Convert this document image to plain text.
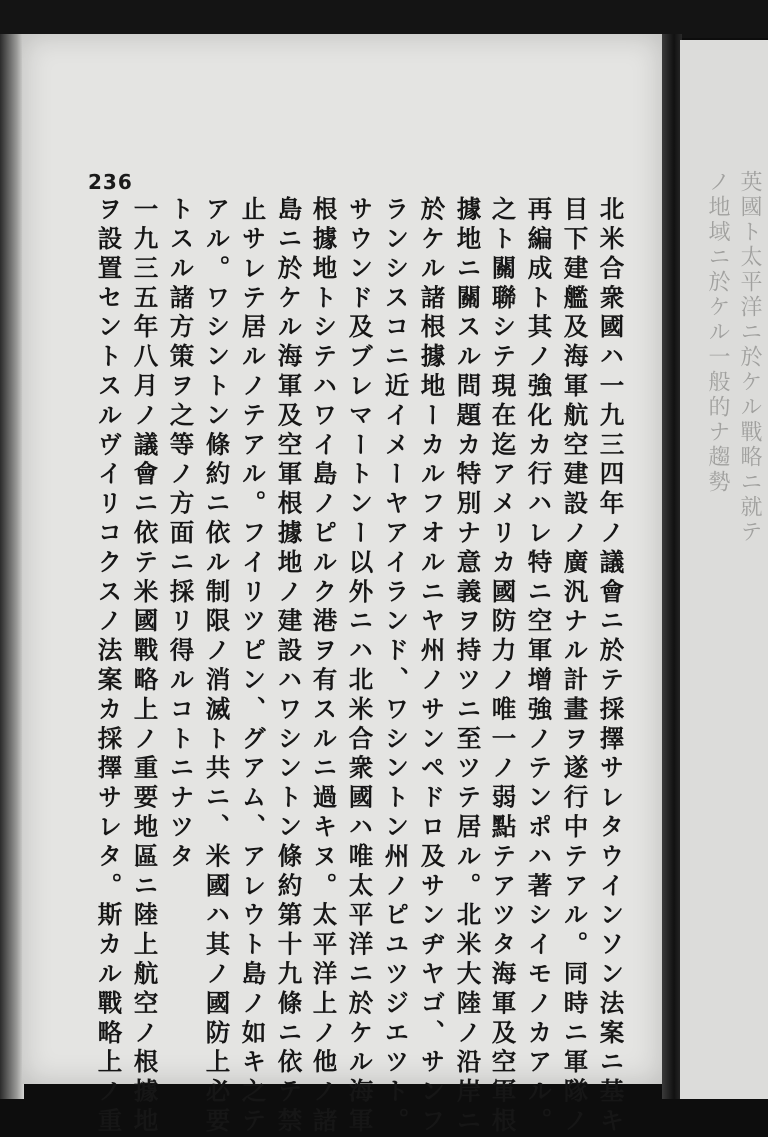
236
北米合衆國ハ一九三四年ノ議會ニ於テ採擇サレタウインソン法案ニ基キ
目下建艦及海軍航空建設ノ廣汎ナル計畫ヲ遂行中テアル。同時ニ軍隊ノ
再編成ト其ノ強化カ行ハレ特ニ空軍增強ノテンポハ著シイモノカアル。
之ト關聯シテ現在迄アメリカ國防力ノ唯一ノ弱點テアツタ海軍及空軍根
據地ニ關スル問題カ特別ナ意義ヲ持ツニ至ツテ居ル。北米大陸ノ沿岸ニ
於ケル諸根據地ーカルフオルニヤ州ノサンペドロ及サンヂヤゴ、サンフ
ランシスコニ近イメーヤアイランド、ワシントン州ノピユツジエツト。
サウンド及ブレマートンー以外ニハ北米合衆國ハ唯太平洋ニ於ケル海軍
根據地トシテハワイ島ノピルク港ヲ有スルニ過キヌ。太平洋上ノ他ノ諸
島ニ於ケル海軍及空軍根據地ノ建設ハワシントン條約第十九條ニ依テ禁
止サレテ居ルノテアル。フイリツピン、グアム、アレウト島ノ如キ之テ
アル。ワシントン條約ニ依ル制限ノ消滅ト共ニ、米國ハ其ノ國防上必要
トスル諸方策ヲ之等ノ方面ニ採リ得ルコトニナツタ
一九三五年八月ノ議會ニ依テ米國戰略上ノ重要地區ニ陸上航空ノ根據地
ヲ設置セントスルヴイリコクスノ法案カ採擇サレタ。斯カル戰略上ノ重	英國ト太平洋ニ於ケル戰略ニ就テ
ノ地域ニ於ケル一般的ナ趨勢
